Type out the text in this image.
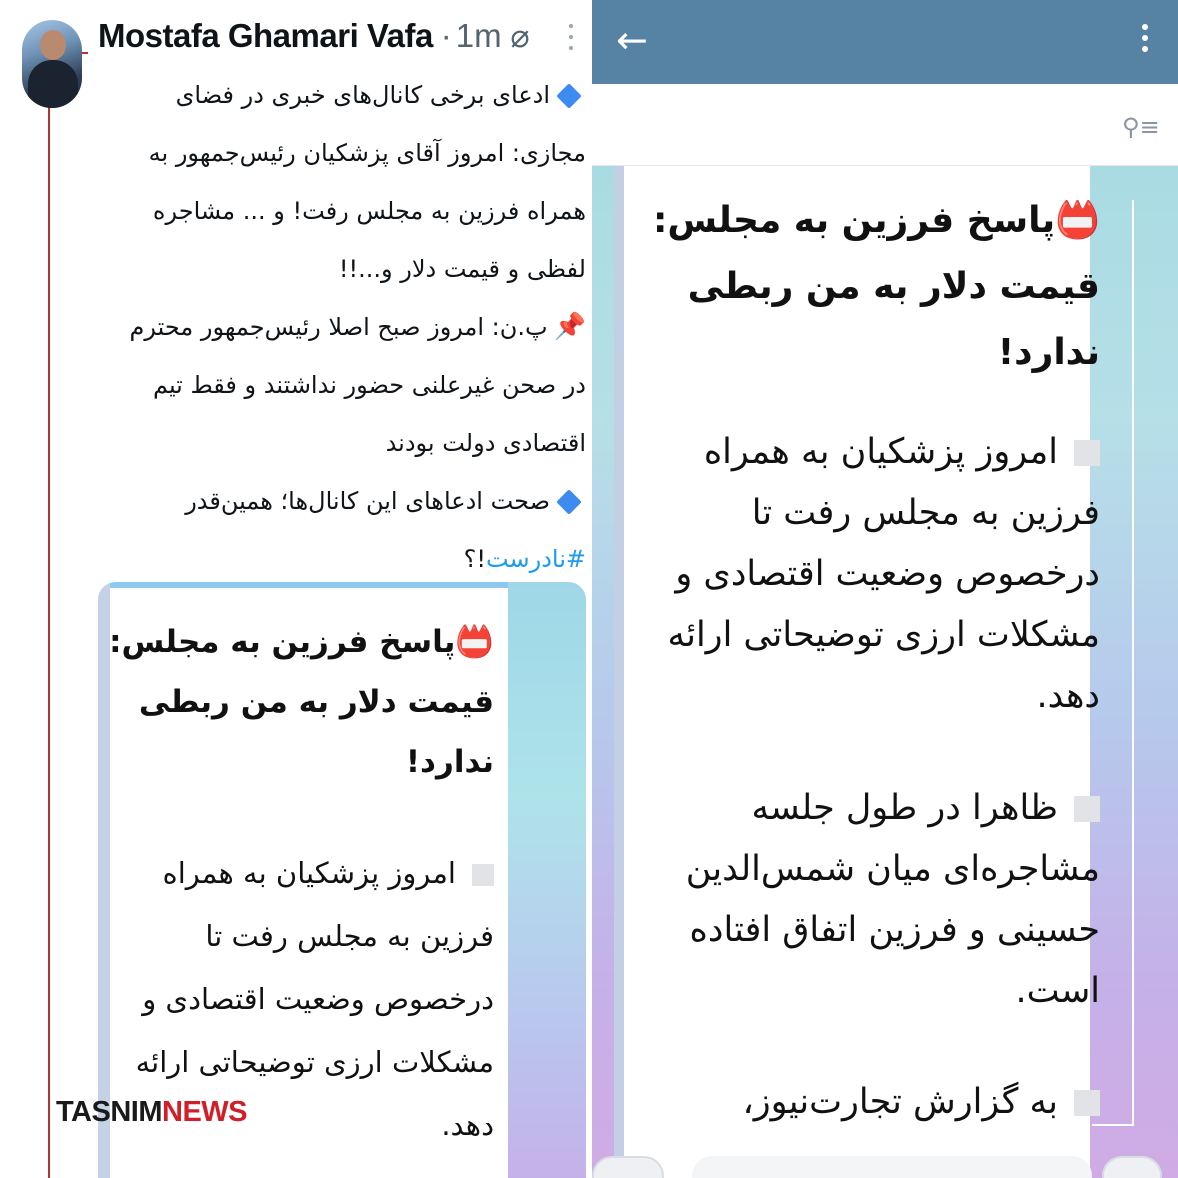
Mostafa Ghamari Vafa · 1m ⌀

ادعای برخی کانال‌های خبری در فضای

مجازی: امروز آقای پزشکیان رئیس‌جمهور به

همراه فرزین به مجلس رفت! و ... مشاجره

لفظی و قیمت دلار و...!!

📌پ.ن: امروز صبح اصلا رئیس‌جمهور محترم

در صحن غیرعلنی حضور نداشتند و فقط تیم

اقتصادی دولت بودند

صحت ادعاهای این کانال‌ها؛ همین‌قدر

#نادرست!؟

📛پاسخ فرزین به مجلس: قیمت دلار به من ربطی ندارد!
امروز پزشکیان به همراه فرزین به مجلس رفت تا درخصوص وضعیت اقتصادی و مشکلات ارزی توضیحاتی ارائه دهد.
TASNIMNEWS
←
⚲≡
📛پاسخ فرزین به مجلس: قیمت دلار به من ربطی ندارد!
امروز پزشکیان به همراه فرزین به مجلس رفت تا درخصوص وضعیت اقتصادی و مشکلات ارزی توضیحاتی ارائه دهد.
ظاهرا در طول جلسه مشاجره‌ای میان شمس‌الدین حسینی و فرزین اتفاق افتاده است.
به گزارش تجارت‌نیوز،
